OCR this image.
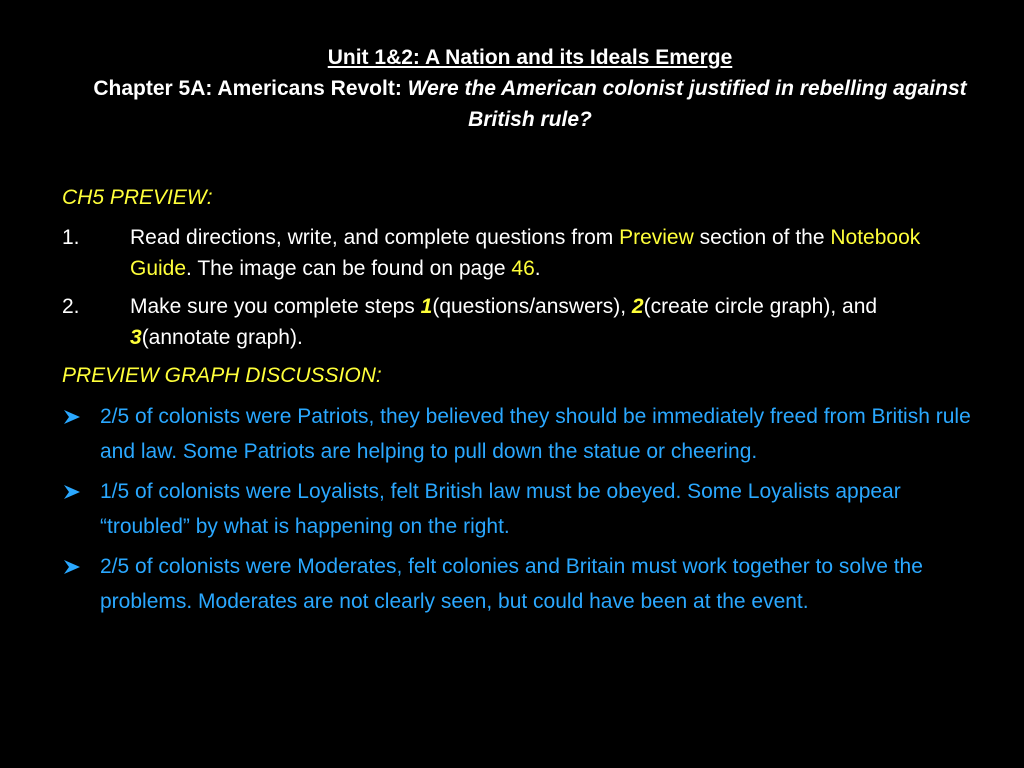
Unit 1&2: A Nation and its Ideals Emerge
Chapter 5A: Americans Revolt: Were the American colonist justified in rebelling against British rule?
CH5 PREVIEW:
1. Read directions, write, and complete questions from Preview section of the Notebook Guide. The image can be found on page 46.
2. Make sure you complete steps 1(questions/answers), 2(create circle graph), and 3(annotate graph).
PREVIEW GRAPH DISCUSSION:
2/5 of colonists were Patriots, they believed they should be immediately freed from British rule and law. Some Patriots are helping to pull down the statue or cheering.
1/5 of colonists were Loyalists, felt British law must be obeyed. Some Loyalists appear “troubled” by what is happening on the right.
2/5 of colonists were Moderates, felt colonies and Britain must work together to solve the problems. Moderates are not clearly seen, but could have been at the event.
